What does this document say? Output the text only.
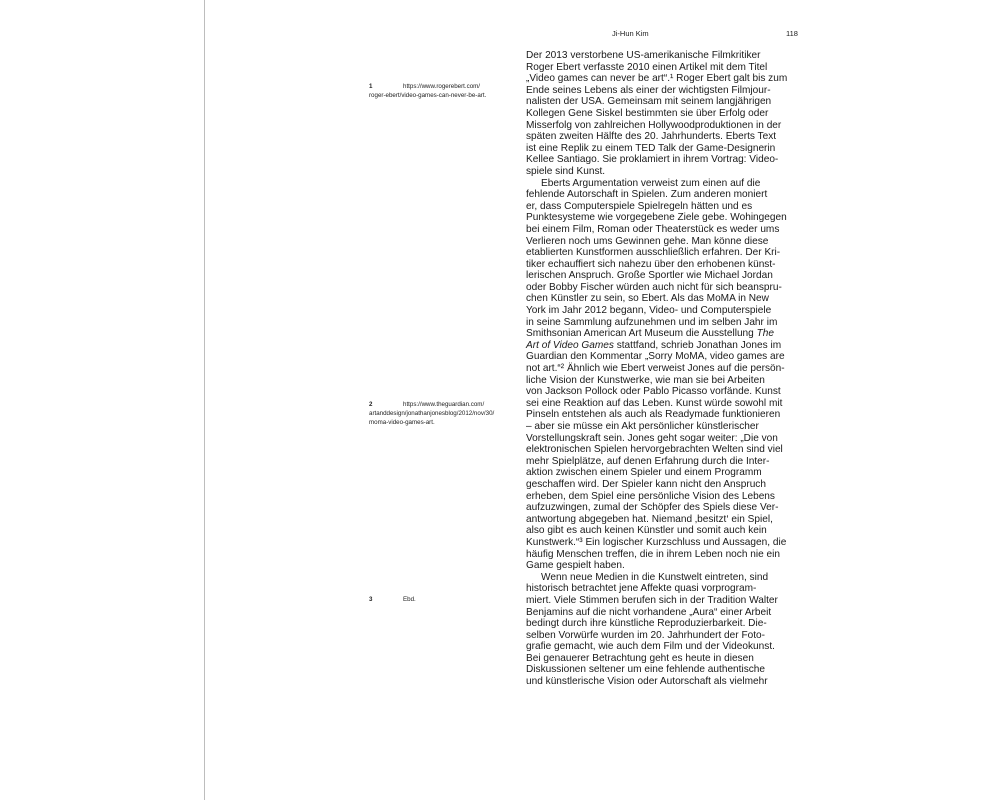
Ji-Hun Kim	118
1	https://www.rogerebert.com/
roger-ebert/video-games-can-never-be-art.
2	https://www.theguardian.com/
artanddesign/jonathanjonesblog/2012/nov/30/
moma-video-games-art.
3	Ebd.
Der 2013 verstorbene US-amerikanische Filmkritiker
Roger Ebert verfasste 2010 einen Artikel mit dem Titel
„Video games can never be art“.¹ Roger Ebert galt bis zum
Ende seines Lebens als einer der wichtigsten Filmjour-
nalisten der USA. Gemeinsam mit seinem langjährigen
Kollegen Gene Siskel bestimmten sie über Erfolg oder
Misserfolg von zahlreichen Hollywoodproduktionen in der
späten zweiten Hälfte des 20. Jahrhunderts. Eberts Text
ist eine Replik zu einem TED Talk der Game-Designerin
Kellee Santiago. Sie proklamiert in ihrem Vortrag: Video-
spiele sind Kunst.
Eberts Argumentation verweist zum einen auf die
fehlende Autorschaft in Spielen. Zum anderen moniert
er, dass Computerspiele Spielregeln hätten und es
Punktesysteme wie vorgegebene Ziele gebe. Wohingegen
bei einem Film, Roman oder Theaterstück es weder ums
Verlieren noch ums Gewinnen gehe. Man könne diese
etablierten Kunstformen ausschließlich erfahren. Der Kri-
tiker echauffiert sich nahezu über den erhobenen künst-
lerischen Anspruch. Große Sportler wie Michael Jordan
oder Bobby Fischer würden auch nicht für sich beanspru-
chen Künstler zu sein, so Ebert. Als das MoMA in New
York im Jahr 2012 begann, Video- und Computerspiele
in seine Sammlung aufzunehmen und im selben Jahr im
Smithsonian American Art Museum die Ausstellung The
Art of Video Games stattfand, schrieb Jonathan Jones im
Guardian den Kommentar „Sorry MoMA, video games are
not art.“² Ähnlich wie Ebert verweist Jones auf die persön-
liche Vision der Kunstwerke, wie man sie bei Arbeiten
von Jackson Pollock oder Pablo Picasso vorfände. Kunst
sei eine Reaktion auf das Leben. Kunst würde sowohl mit
Pinseln entstehen als auch als Readymade funktionieren
– aber sie müsse ein Akt persönlicher künstlerischer
Vorstellungskraft sein. Jones geht sogar weiter: „Die von
elektronischen Spielen hervorgebrachten Welten sind viel
mehr Spielplätze, auf denen Erfahrung durch die Inter-
aktion zwischen einem Spieler und einem Programm
geschaffen wird. Der Spieler kann nicht den Anspruch
erheben, dem Spiel eine persönliche Vision des Lebens
aufzuzwingen, zumal der Schöpfer des Spiels diese Ver-
antwortung abgegeben hat. Niemand ‚besitzt‘ ein Spiel,
also gibt es auch keinen Künstler und somit auch kein
Kunstwerk.“³ Ein logischer Kurzschluss und Aussagen, die
häufig Menschen treffen, die in ihrem Leben noch nie ein
Game gespielt haben.
Wenn neue Medien in die Kunstwelt eintreten, sind
historisch betrachtet jene Affekte quasi vorprogram-
miert. Viele Stimmen berufen sich in der Tradition Walter
Benjamins auf die nicht vorhandene „Aura“ einer Arbeit
bedingt durch ihre künstliche Reproduzierbarkeit. Die-
selben Vorwürfe wurden im 20. Jahrhundert der Foto-
grafie gemacht, wie auch dem Film und der Videokunst.
Bei genauerer Betrachtung geht es heute in diesen
Diskussionen seltener um eine fehlende authentische
und künstlerische Vision oder Autorschaft als vielmehr
